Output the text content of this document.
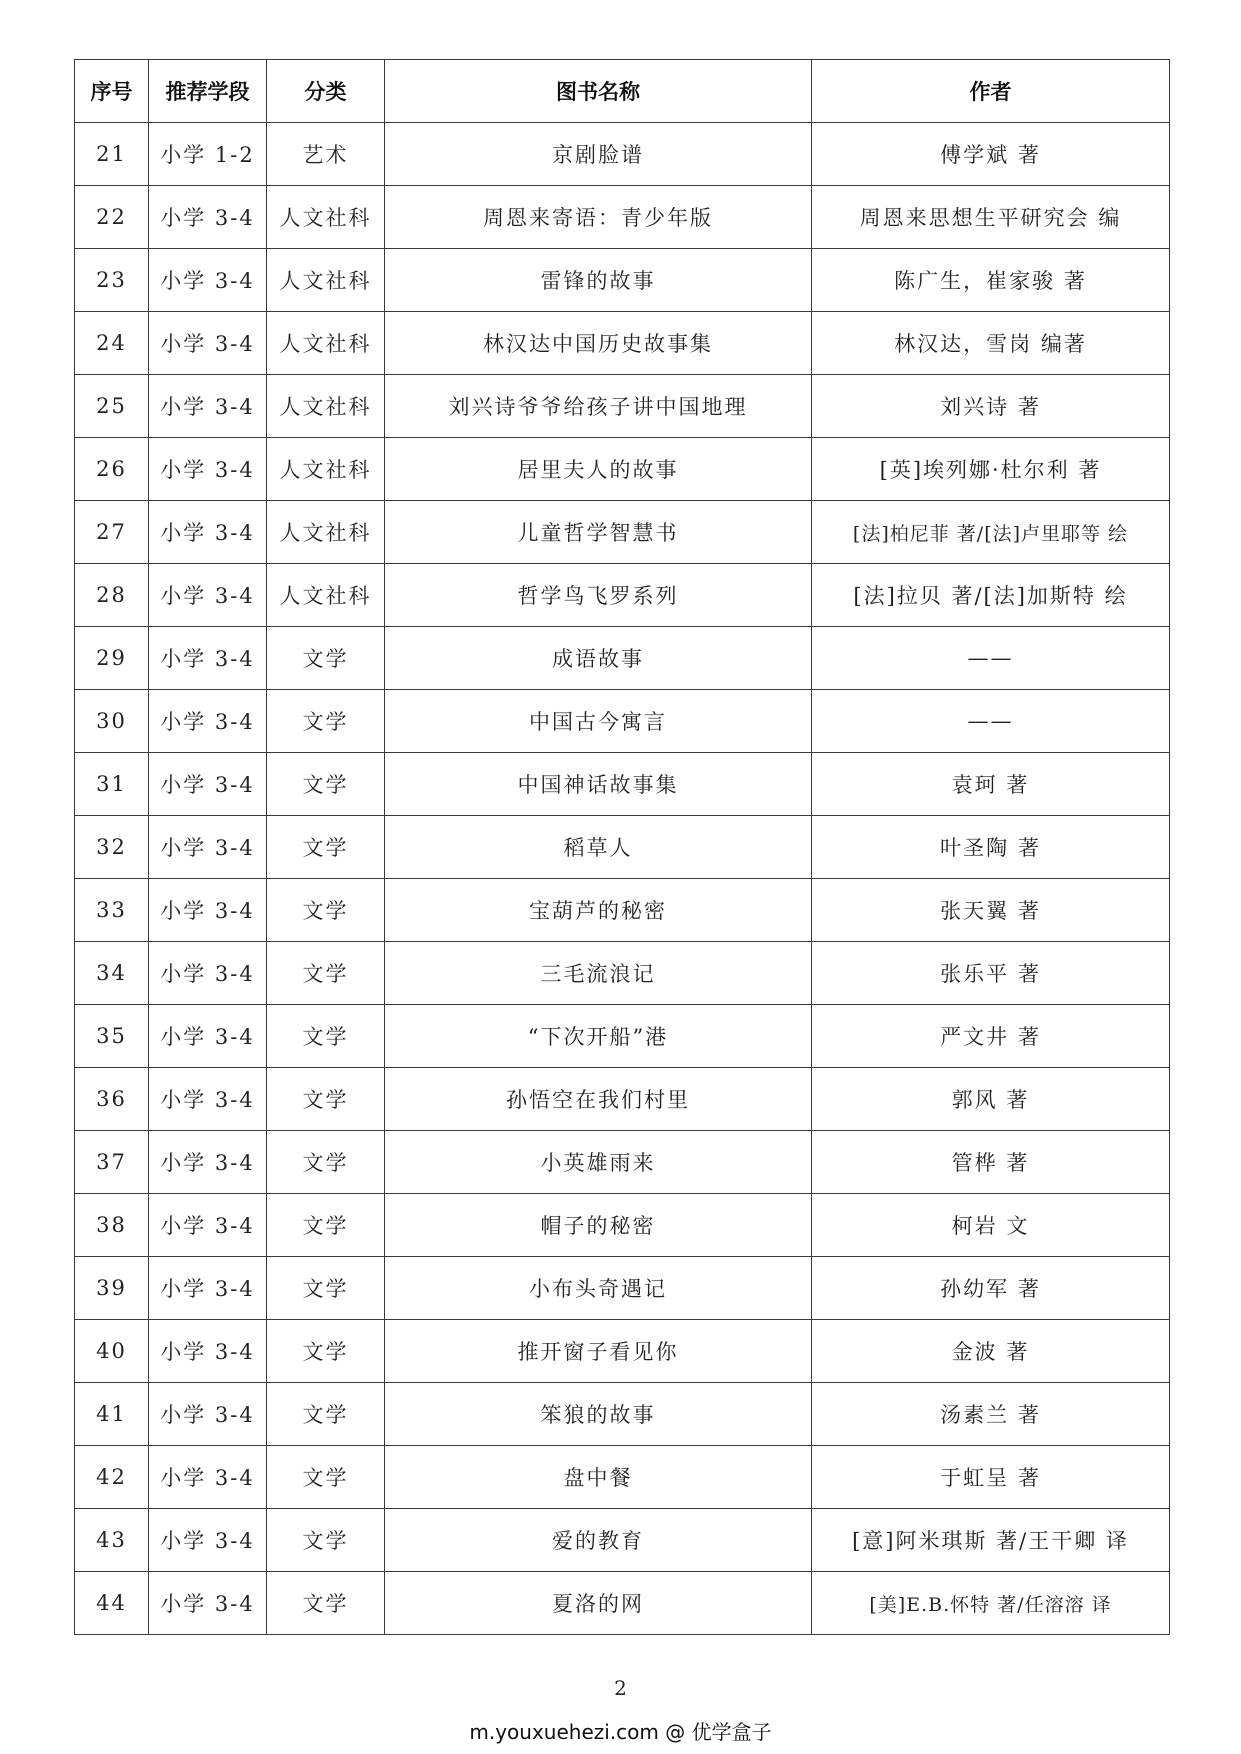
序号	推荐学段	分类	图书名称	作者
21	小学 1-2	艺术	京剧脸谱	傅学斌 著
22	小学 3-4	人文社科	周恩来寄语：青少年版	周恩来思想生平研究会 编
23	小学 3-4	人文社科	雷锋的故事	陈广生，崔家骏 著
24	小学 3-4	人文社科	林汉达中国历史故事集	林汉达，雪岗 编著
25	小学 3-4	人文社科	刘兴诗爷爷给孩子讲中国地理	刘兴诗 著
26	小学 3-4	人文社科	居里夫人的故事	[英]埃列娜·杜尔利 著
27	小学 3-4	人文社科	儿童哲学智慧书	[法]柏尼菲 著/[法]卢里耶等 绘
28	小学 3-4	人文社科	哲学鸟飞罗系列	[法]拉贝 著/[法]加斯特 绘
29	小学 3-4	文学	成语故事	——
30	小学 3-4	文学	中国古今寓言	——
31	小学 3-4	文学	中国神话故事集	袁珂 著
32	小学 3-4	文学	稻草人	叶圣陶 著
33	小学 3-4	文学	宝葫芦的秘密	张天翼 著
34	小学 3-4	文学	三毛流浪记	张乐平 著
35	小学 3-4	文学	“下次开船”港	严文井 著
36	小学 3-4	文学	孙悟空在我们村里	郭风 著
37	小学 3-4	文学	小英雄雨来	管桦 著
38	小学 3-4	文学	帽子的秘密	柯岩 文
39	小学 3-4	文学	小布头奇遇记	孙幼军 著
40	小学 3-4	文学	推开窗子看见你	金波 著
41	小学 3-4	文学	笨狼的故事	汤素兰 著
42	小学 3-4	文学	盘中餐	于虹呈 著
43	小学 3-4	文学	爱的教育	[意]阿米琪斯 著/王干卿 译
44	小学 3-4	文学	夏洛的网	[美]E.B.怀特 著/任溶溶 译
2
m.youxuehezi.com @ 优学盒子
